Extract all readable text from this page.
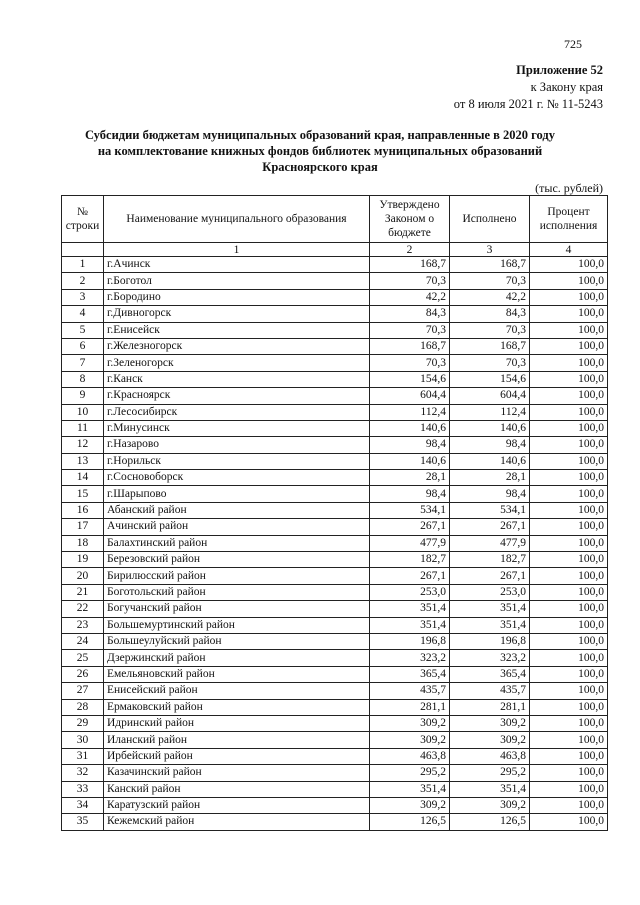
725
Приложение 52
к Закону края
от 8 июля 2021 г. № 11-5243
Субсидии бюджетам муниципальных образований края, направленные в 2020 году
на комплектование книжных фондов библиотек муниципальных образований
Красноярского края
(тыс. рублей)
№ строки	Наименование муниципального образования	Утверждено Законом о бюджете	Исполнено	Процент исполнения
	1	2	3	4
1	г.Ачинск	168,7	168,7	100,0
2	г.Боготол	70,3	70,3	100,0
3	г.Бородино	42,2	42,2	100,0
4	г.Дивногорск	84,3	84,3	100,0
5	г.Енисейск	70,3	70,3	100,0
6	г.Железногорск	168,7	168,7	100,0
7	г.Зеленогорск	70,3	70,3	100,0
8	г.Канск	154,6	154,6	100,0
9	г.Красноярск	604,4	604,4	100,0
10	г.Лесосибирск	112,4	112,4	100,0
11	г.Минусинск	140,6	140,6	100,0
12	г.Назарово	98,4	98,4	100,0
13	г.Норильск	140,6	140,6	100,0
14	г.Сосновоборск	28,1	28,1	100,0
15	г.Шарыпово	98,4	98,4	100,0
16	Абанский район	534,1	534,1	100,0
17	Ачинский район	267,1	267,1	100,0
18	Балахтинский район	477,9	477,9	100,0
19	Березовский район	182,7	182,7	100,0
20	Бирилюсский район	267,1	267,1	100,0
21	Боготольский район	253,0	253,0	100,0
22	Богучанский район	351,4	351,4	100,0
23	Большемуртинский район	351,4	351,4	100,0
24	Большеулуйский район	196,8	196,8	100,0
25	Дзержинский район	323,2	323,2	100,0
26	Емельяновский район	365,4	365,4	100,0
27	Енисейский район	435,7	435,7	100,0
28	Ермаковский район	281,1	281,1	100,0
29	Идринский район	309,2	309,2	100,0
30	Иланский район	309,2	309,2	100,0
31	Ирбейский район	463,8	463,8	100,0
32	Казачинский район	295,2	295,2	100,0
33	Канский район	351,4	351,4	100,0
34	Каратузский район	309,2	309,2	100,0
35	Кежемский район	126,5	126,5	100,0
